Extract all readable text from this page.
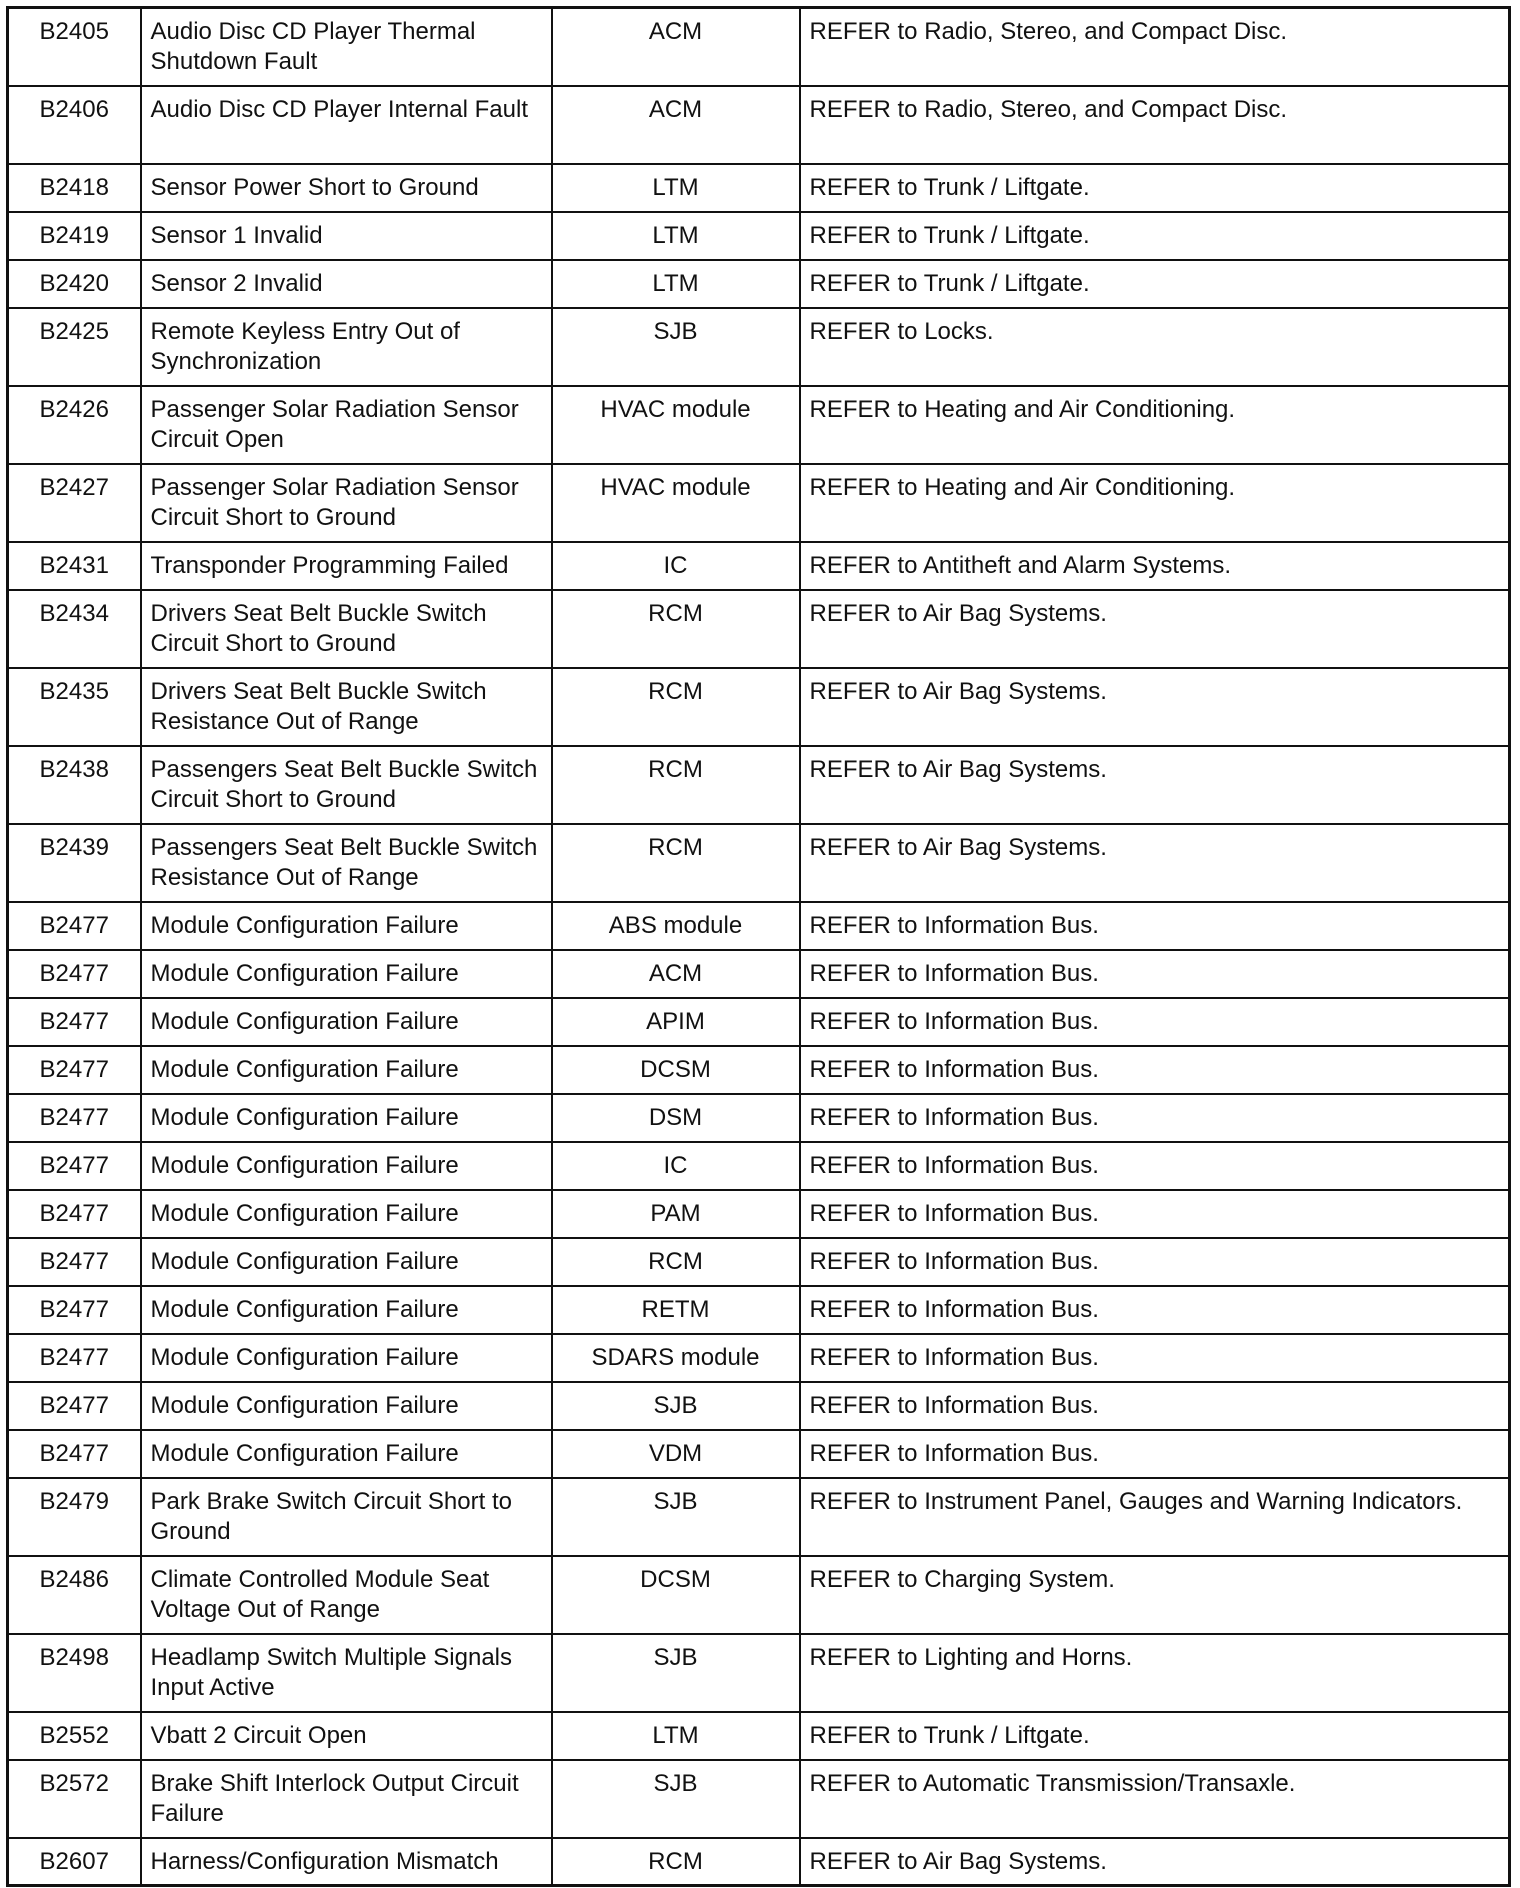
B2405	Audio Disc CD Player Thermal Shutdown Fault	ACM	REFER to Radio, Stereo, and Compact Disc.
B2406	Audio Disc CD Player Internal Fault	ACM	REFER to Radio, Stereo, and Compact Disc.
B2418	Sensor Power Short to Ground	LTM	REFER to Trunk / Liftgate.
B2419	Sensor 1 Invalid	LTM	REFER to Trunk / Liftgate.
B2420	Sensor 2 Invalid	LTM	REFER to Trunk / Liftgate.
B2425	Remote Keyless Entry Out of Synchronization	SJB	REFER to Locks.
B2426	Passenger Solar Radiation Sensor Circuit Open	HVAC module	REFER to Heating and Air Conditioning.
B2427	Passenger Solar Radiation Sensor Circuit Short to Ground	HVAC module	REFER to Heating and Air Conditioning.
B2431	Transponder Programming Failed	IC	REFER to Antitheft and Alarm Systems.
B2434	Drivers Seat Belt Buckle Switch Circuit Short to Ground	RCM	REFER to Air Bag Systems.
B2435	Drivers Seat Belt Buckle Switch Resistance Out of Range	RCM	REFER to Air Bag Systems.
B2438	Passengers Seat Belt Buckle Switch Circuit Short to Ground	RCM	REFER to Air Bag Systems.
B2439	Passengers Seat Belt Buckle Switch Resistance Out of Range	RCM	REFER to Air Bag Systems.
B2477	Module Configuration Failure	ABS module	REFER to Information Bus.
B2477	Module Configuration Failure	ACM	REFER to Information Bus.
B2477	Module Configuration Failure	APIM	REFER to Information Bus.
B2477	Module Configuration Failure	DCSM	REFER to Information Bus.
B2477	Module Configuration Failure	DSM	REFER to Information Bus.
B2477	Module Configuration Failure	IC	REFER to Information Bus.
B2477	Module Configuration Failure	PAM	REFER to Information Bus.
B2477	Module Configuration Failure	RCM	REFER to Information Bus.
B2477	Module Configuration Failure	RETM	REFER to Information Bus.
B2477	Module Configuration Failure	SDARS module	REFER to Information Bus.
B2477	Module Configuration Failure	SJB	REFER to Information Bus.
B2477	Module Configuration Failure	VDM	REFER to Information Bus.
B2479	Park Brake Switch Circuit Short to Ground	SJB	REFER to Instrument Panel, Gauges and Warning Indicators.
B2486	Climate Controlled Module Seat Voltage Out of Range	DCSM	REFER to Charging System.
B2498	Headlamp Switch Multiple Signals Input Active	SJB	REFER to Lighting and Horns.
B2552	Vbatt 2 Circuit Open	LTM	REFER to Trunk / Liftgate.
B2572	Brake Shift Interlock Output Circuit Failure	SJB	REFER to Automatic Transmission/Transaxle.
B2607	Harness/Configuration Mismatch	RCM	REFER to Air Bag Systems.
